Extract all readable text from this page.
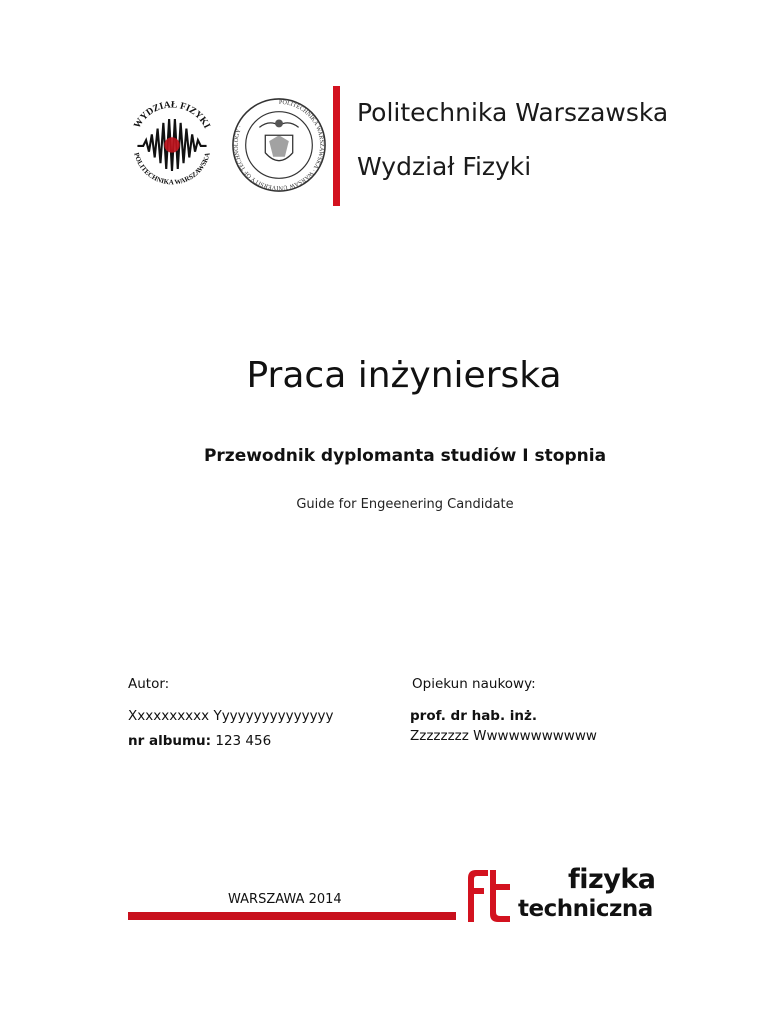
WYDZIAŁ FIZYKI
POLITECHNIKA WARSZAWSKA
POLITECHNIKA WARSZAWSKA · WARSAW UNIVERSITY OF TECHNOLOGY ·
Politechnika Warszawska
Wydział Fizyki
Praca inżynierska
Przewodnik dyplomanta studiów I stopnia
Guide for Engeenering Candidate
Autor:	Opiekun naukowy:
Xxxxxxxxxx Yyyyyyyyyyyyyyy
nr albumu: 123 456
prof. dr hab. inż.
Zzzzzzzz Wwwwwwwwwww
WARSZAWA 2014
fizyka
techniczna
